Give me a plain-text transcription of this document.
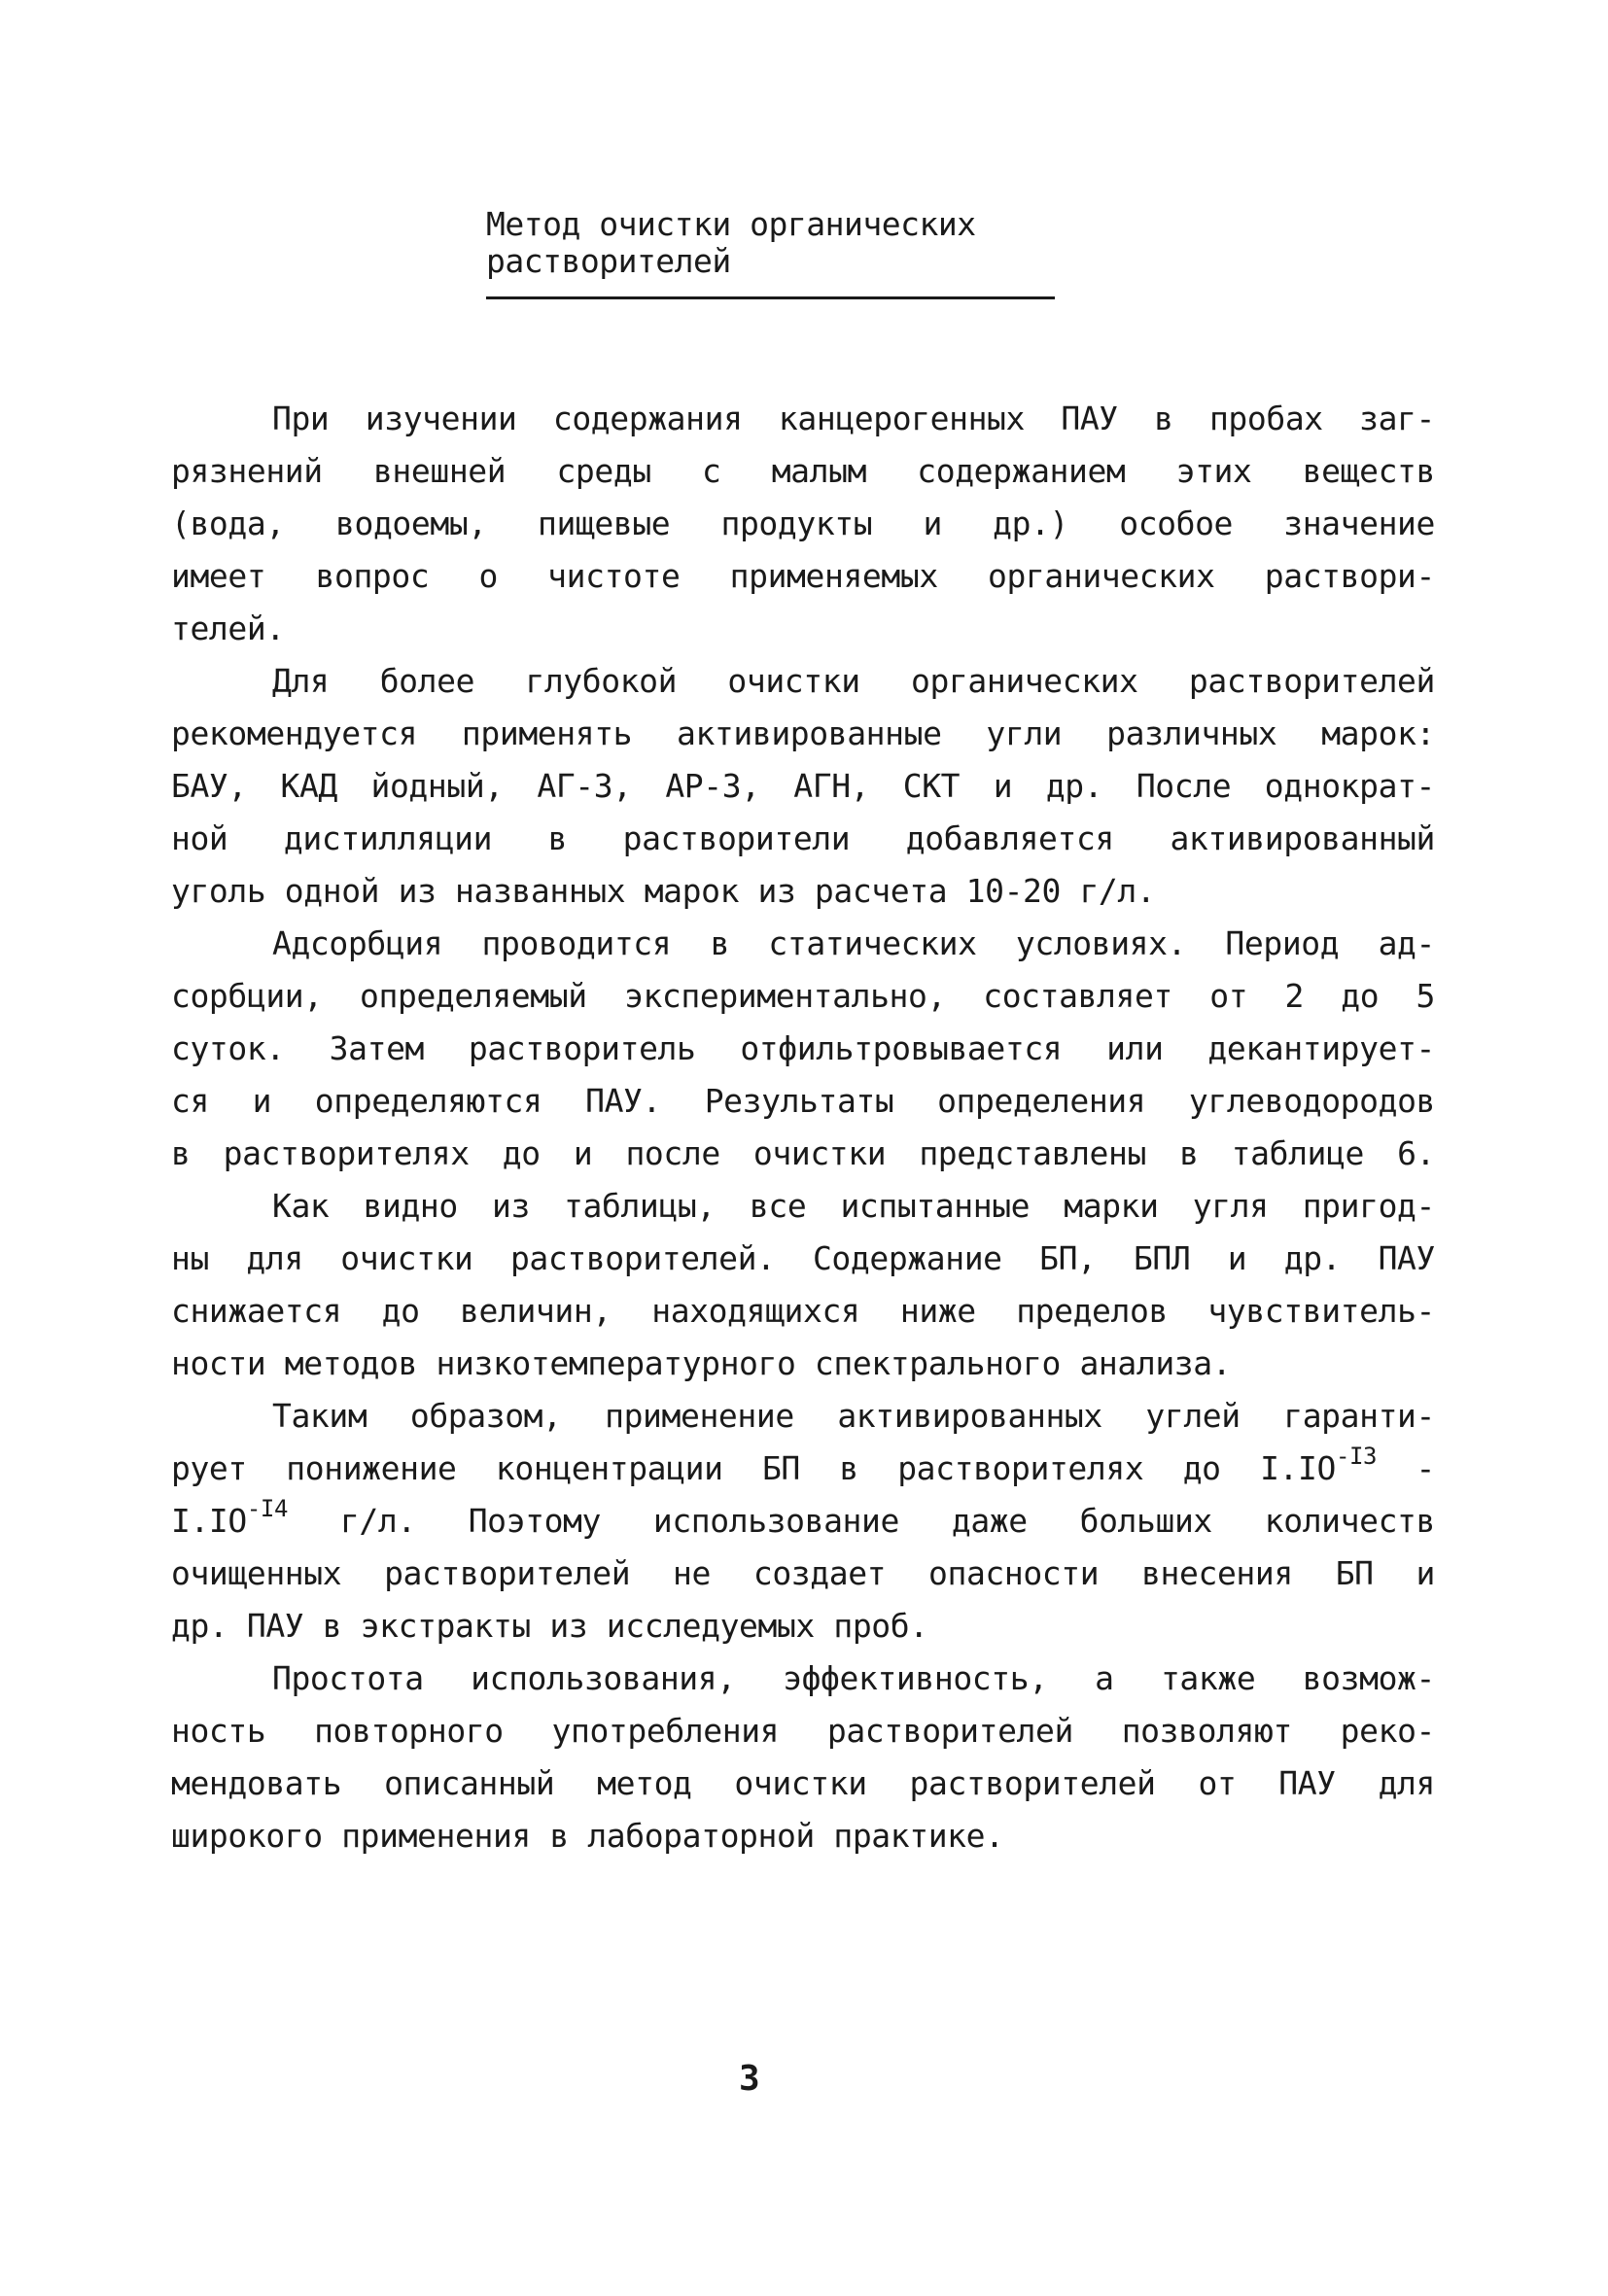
Метод очистки органических
растворителей
При изучении содержания канцерогенных ПАУ в пробах заг-
рязнений внешней среды с малым содержанием этих веществ
(вода, водоемы, пищевые продукты и др.) особое значение
имеет вопрос о чистоте применяемых органических раствори-
телей.
Для более глубокой очистки органических растворителей
рекомендуется применять активированные угли различных марок:
БАУ, КАД йодный, АГ-3, АР-3, АГН, СКТ и др. После однократ-
ной дистилляции в растворители добавляется активированный
уголь одной из названных марок из расчета 10-20 г/л.
Адсорбция проводится в статических условиях. Период ад-
сорбции, определяемый экспериментально, составляет от 2 до 5
суток. Затем растворитель отфильтровывается или декантирует-
ся и определяются ПАУ. Результаты определения углеводородов
в растворителях до и после очистки представлены в таблице 6.
Как видно из таблицы, все испытанные марки угля пригод-
ны для очистки растворителей. Содержание БП, БПЛ и др. ПАУ
снижается до величин, находящихся ниже пределов чувствитель-
ности методов низкотемпературного спектрального анализа.
Таким образом, применение активированных углей гаранти-
рует понижение концентрации БП в растворителях до $I.IO^{-I3}$ -
$I.IO^{-I4}$ г/л. Поэтому использование даже больших количеств
очищенных растворителей не создает опасности внесения БП и
др. ПАУ в экстракты из исследуемых проб.
Простота использования, эффективность, а также возмож-
ность повторного употребления растворителей позволяют реко-
мендовать описанный метод очистки растворителей от ПАУ для
широкого применения в лабораторной практике.
3
